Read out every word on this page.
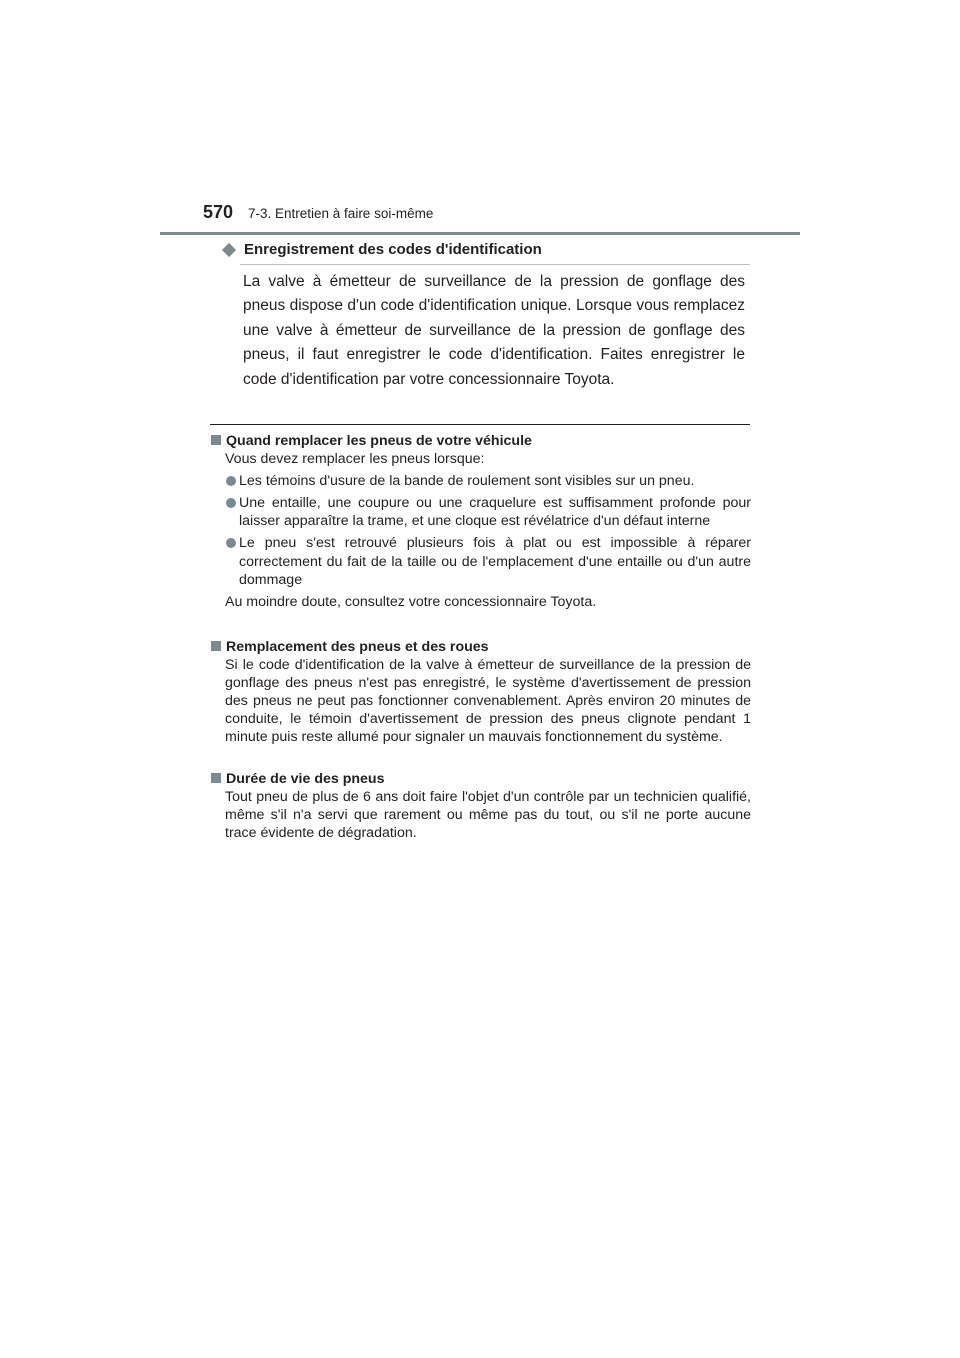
570 7-3. Entretien à faire soi-même
Enregistrement des codes d'identification

La valve à émetteur de surveillance de la pression de gonflage des pneus dispose d'un code d'identification unique. Lorsque vous remplacez une valve à émetteur de surveillance de la pression de gonflage des pneus, il faut enregistrer le code d'identification. Faites enregistrer le code d'identification par votre concessionnaire Toyota.

Quand remplacer les pneus de votre véhicule

Vous devez remplacer les pneus lorsque:

Les témoins d'usure de la bande de roulement sont visibles sur un pneu.
Une entaille, une coupure ou une craquelure est suffisamment profonde pour laisser apparaître la trame, et une cloque est révélatrice d'un défaut interne
Le pneu s'est retrouvé plusieurs fois à plat ou est impossible à réparer correctement du fait de la taille ou de l'emplacement d'une entaille ou d'un autre dommage

Au moindre doute, consultez votre concessionnaire Toyota.

Remplacement des pneus et des roues

Si le code d'identification de la valve à émetteur de surveillance de la pression de gonflage des pneus n'est pas enregistré, le système d'avertissement de pression des pneus ne peut pas fonctionner convenablement. Après environ 20 minutes de conduite, le témoin d'avertissement de pression des pneus clignote pendant 1 minute puis reste allumé pour signaler un mauvais fonctionnement du système.

Durée de vie des pneus

Tout pneu de plus de 6 ans doit faire l'objet d'un contrôle par un technicien qualifié, même s'il n'a servi que rarement ou même pas du tout, ou s'il ne porte aucune trace évidente de dégradation.
